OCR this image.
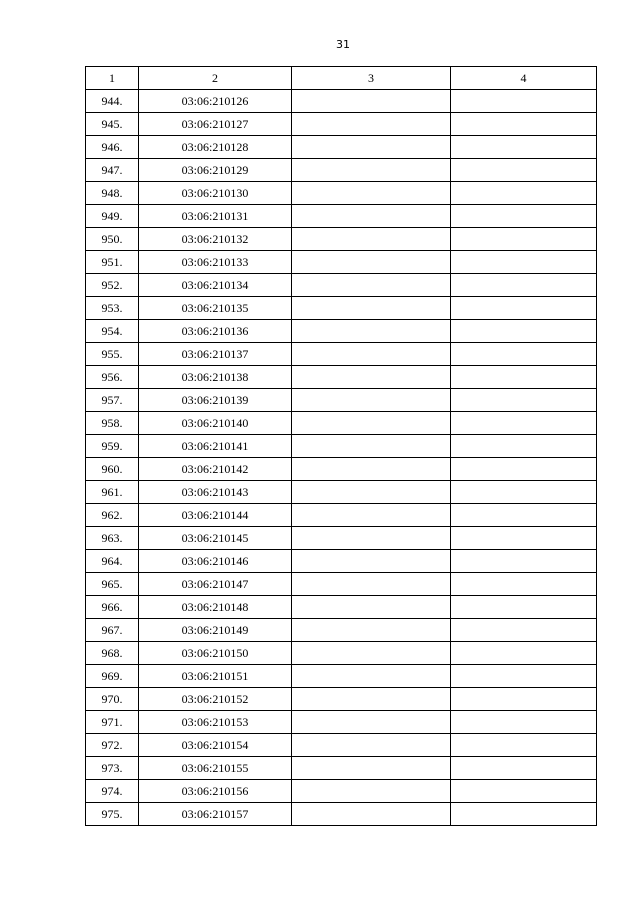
31
1	2	3	4
944.	03:06:210126		
945.	03:06:210127		
946.	03:06:210128		
947.	03:06:210129		
948.	03:06:210130		
949.	03:06:210131		
950.	03:06:210132		
951.	03:06:210133		
952.	03:06:210134		
953.	03:06:210135		
954.	03:06:210136		
955.	03:06:210137		
956.	03:06:210138		
957.	03:06:210139		
958.	03:06:210140		
959.	03:06:210141		
960.	03:06:210142		
961.	03:06:210143		
962.	03:06:210144		
963.	03:06:210145		
964.	03:06:210146		
965.	03:06:210147		
966.	03:06:210148		
967.	03:06:210149		
968.	03:06:210150		
969.	03:06:210151		
970.	03:06:210152		
971.	03:06:210153		
972.	03:06:210154		
973.	03:06:210155		
974.	03:06:210156		
975.	03:06:210157		
